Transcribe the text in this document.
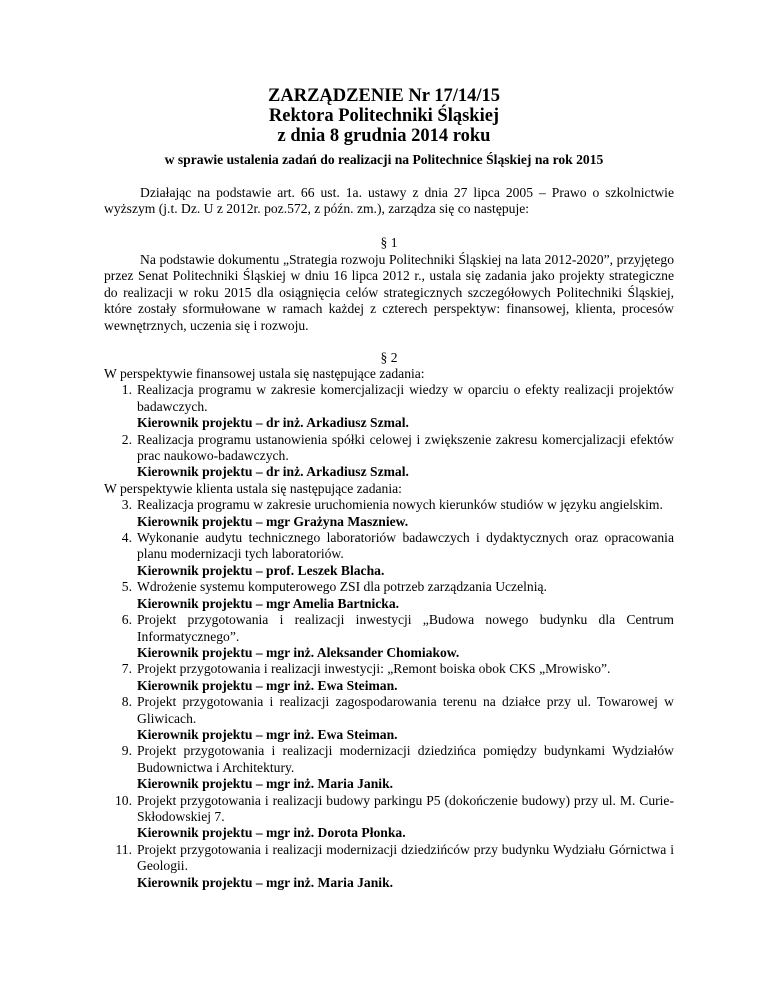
ZARZĄDZENIE Nr 17/14/15
Rektora Politechniki Śląskiej
z dnia 8 grudnia 2014 roku
w sprawie ustalenia zadań do realizacji na Politechnice Śląskiej na rok 2015
Działając na podstawie art. 66 ust. 1a. ustawy z dnia 27 lipca 2005 – Prawo o szkolnictwie wyższym (j.t. Dz. U z 2012r. poz.572, z późn. zm.), zarządza się co następuje:
§ 1
Na podstawie dokumentu „Strategia rozwoju Politechniki Śląskiej na lata 2012-2020”, przyjętego przez Senat Politechniki Śląskiej w dniu 16 lipca 2012 r., ustala się zadania jako projekty strategiczne do realizacji w roku 2015 dla osiągnięcia celów strategicznych szczegółowych Politechniki Śląskiej, które zostały sformułowane w ramach każdej z czterech perspektyw: finansowej, klienta, procesów wewnętrznych, uczenia się i rozwoju.
§ 2

W perspektywie finansowej ustala się następujące zadania:

1. Realizacja programu w zakresie komercjalizacji wiedzy w oparciu o efekty realizacji projektów badawczych.
Kierownik projektu – dr inż. Arkadiusz Szmal.
2. Realizacja programu ustanowienia spółki celowej i zwiększenie zakresu komercjalizacji efektów prac naukowo-badawczych.
Kierownik projektu – dr inż. Arkadiusz Szmal.

W perspektywie klienta ustala się następujące zadania:

3. Realizacja programu w zakresie uruchomienia nowych kierunków studiów w języku angielskim.
Kierownik projektu – mgr Grażyna Maszniew.
4. Wykonanie audytu technicznego laboratoriów badawczych i dydaktycznych oraz opracowania planu modernizacji tych laboratoriów.
Kierownik projektu – prof. Leszek Blacha.
5. Wdrożenie systemu komputerowego ZSI dla potrzeb zarządzania Uczelnią.
Kierownik projektu – mgr Amelia Bartnicka.
6. Projekt przygotowania i realizacji inwestycji „Budowa nowego budynku dla Centrum Informatycznego”.
Kierownik projektu – mgr inż. Aleksander Chomiakow.
7. Projekt przygotowania i realizacji inwestycji: „Remont boiska obok CKS „Mrowisko”.
Kierownik projektu – mgr inż. Ewa Steiman.
8. Projekt przygotowania i realizacji zagospodarowania terenu na działce przy ul. Towarowej w Gliwicach.
Kierownik projektu – mgr inż. Ewa Steiman.
9. Projekt przygotowania i realizacji modernizacji dziedzińca pomiędzy budynkami Wydziałów Budownictwa i Architektury.
Kierownik projektu – mgr inż. Maria Janik.
10. Projekt przygotowania i realizacji budowy parkingu P5 (dokończenie budowy) przy ul. M. Curie-Skłodowskiej 7.
Kierownik projektu – mgr inż. Dorota Płonka.
11. Projekt przygotowania i realizacji modernizacji dziedzińców przy budynku Wydziału Górnictwa i Geologii.
Kierownik projektu – mgr inż. Maria Janik.
